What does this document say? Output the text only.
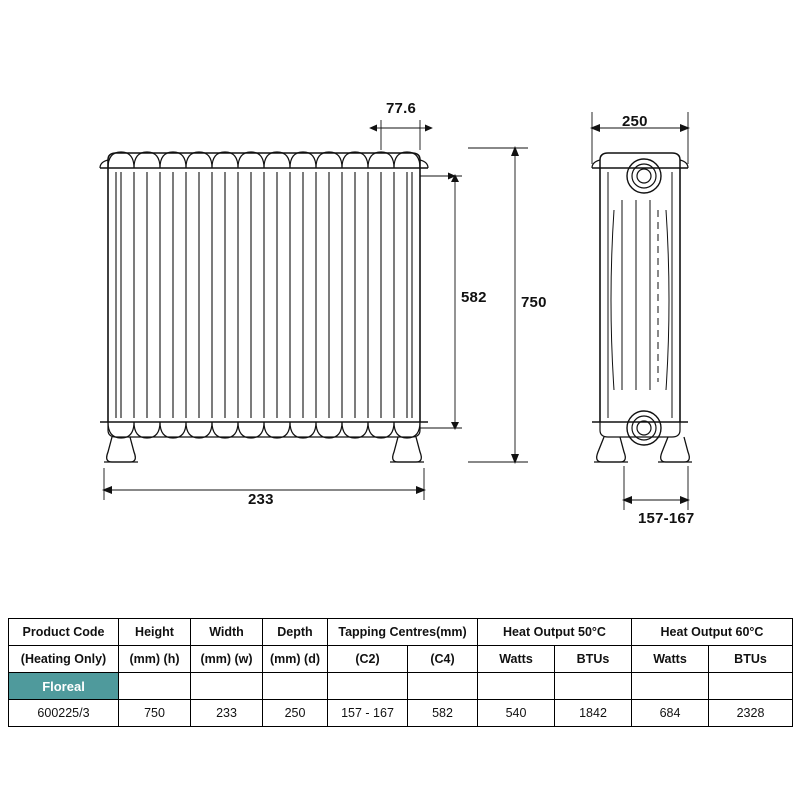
77.6
582 750
233
250
157-167
Product Code	Height	Width	Depth	Tapping Centres(mm)		Heat Output 50°C		Heat Output 60°C	
(Heating Only)	(mm) (h)	(mm) (w)	(mm) (d)	(C2)	(C4)	Watts	BTUs	Watts	BTUs
Floreal									
600225/3	750	233	250	157 - 167	582	540	1842	684	2328
